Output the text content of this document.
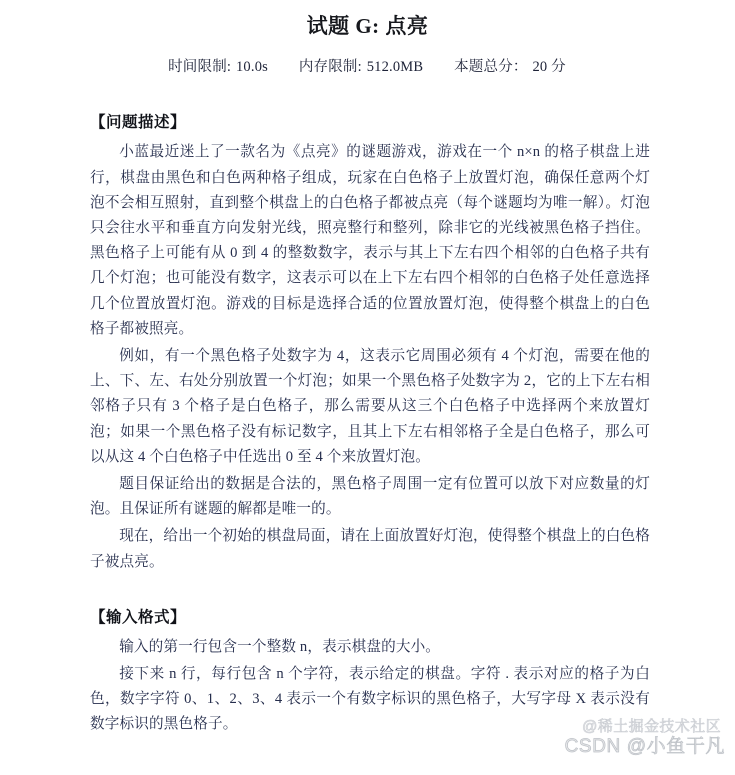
试题 G: 点亮
时间限制: 10.0s 内存限制: 512.0MB 本题总分： 20 分
【问题描述】

小蓝最近迷上了一款名为《点亮》的谜题游戏，游戏在一个 n×n 的格子棋盘上进行，棋盘由黑色和白色两种格子组成，玩家在白色格子上放置灯泡，确保任意两个灯泡不会相互照射，直到整个棋盘上的白色格子都被点亮（每个谜题均为唯一解）。灯泡只会往水平和垂直方向发射光线，照亮整行和整列，除非它的光线被黑色格子挡住。黑色格子上可能有从 0 到 4 的整数数字，表示与其上下左右四个相邻的白色格子共有几个灯泡；也可能没有数字，这表示可以在上下左右四个相邻的白色格子处任意选择几个位置放置灯泡。游戏的目标是选择合适的位置放置灯泡，使得整个棋盘上的白色格子都被照亮。

例如，有一个黑色格子处数字为 4，这表示它周围必须有 4 个灯泡，需要在他的上、下、左、右处分别放置一个灯泡；如果一个黑色格子处数字为 2，它的上下左右相邻格子只有 3 个格子是白色格子，那么需要从这三个白色格子中选择两个来放置灯泡；如果一个黑色格子没有标记数字，且其上下左右相邻格子全是白色格子，那么可以从这 4 个白色格子中任选出 0 至 4 个来放置灯泡。

题目保证给出的数据是合法的，黑色格子周围一定有位置可以放下对应数量的灯泡。且保证所有谜题的解都是唯一的。

现在，给出一个初始的棋盘局面，请在上面放置好灯泡，使得整个棋盘上的白色格子被点亮。

【输入格式】

输入的第一行包含一个整数 n，表示棋盘的大小。

接下来 n 行，每行包含 n 个字符，表示给定的棋盘。字符 . 表示对应的格子为白色，数字字符 0、1、2、3、4 表示一个有数字标识的黑色格子，大写字母 X 表示没有数字标识的黑色格子。	@稀土掘金技术社区
CSDN @小鱼干凡
